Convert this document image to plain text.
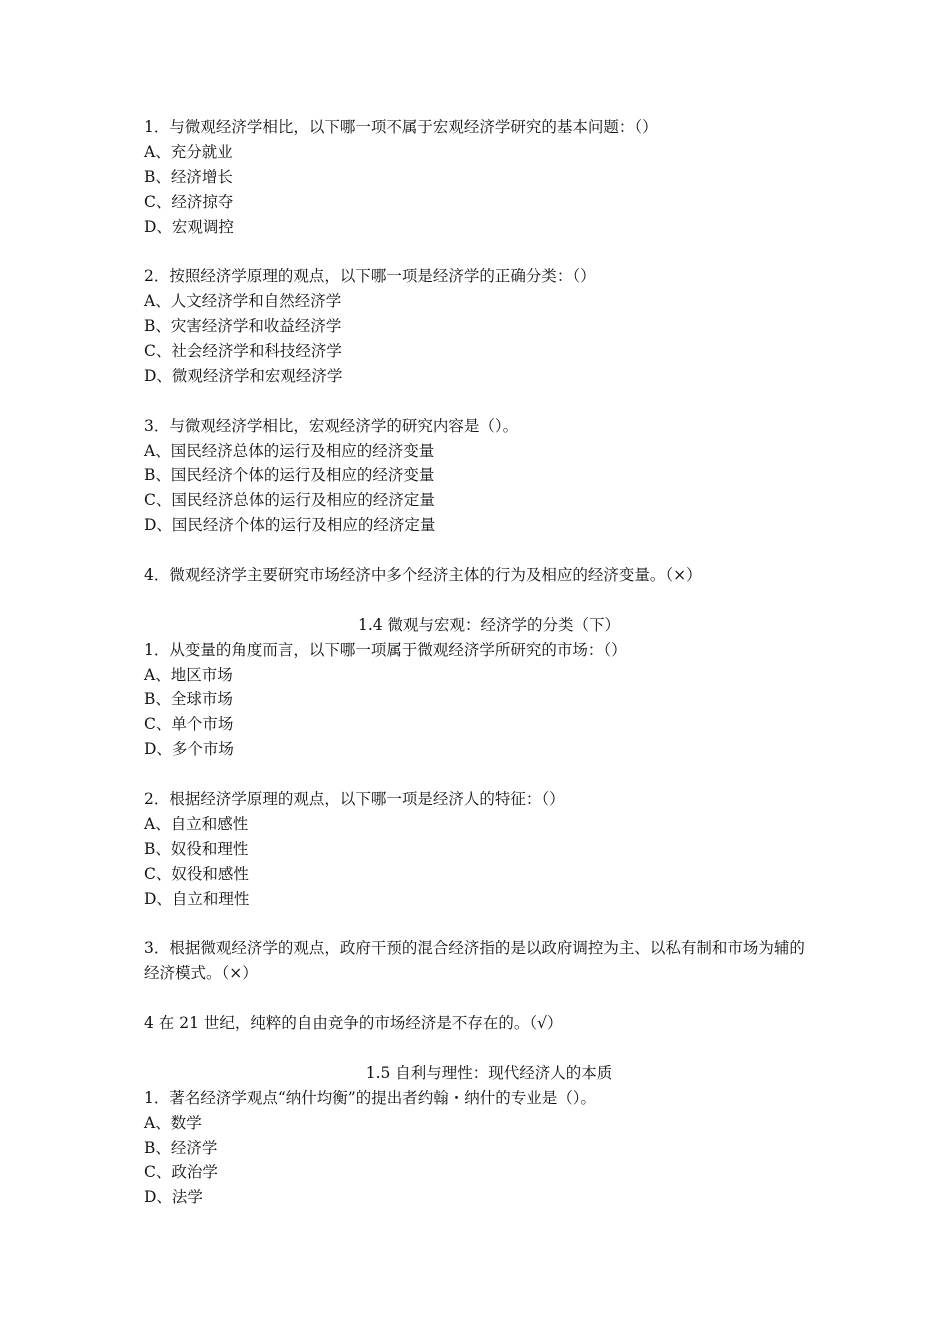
1．与微观经济学相比，以下哪一项不属于宏观经济学研究的基本问题：（）
A、充分就业
B、经济增长
C、经济掠夺
D、宏观调控
2．按照经济学原理的观点，以下哪一项是经济学的正确分类：（）
A、人文经济学和自然经济学
B、灾害经济学和收益经济学
C、社会经济学和科技经济学
D、微观经济学和宏观经济学
3．与微观经济学相比，宏观经济学的研究内容是（）。
A、国民经济总体的运行及相应的经济变量
B、国民经济个体的运行及相应的经济变量
C、国民经济总体的运行及相应的经济定量
D、国民经济个体的运行及相应的经济定量
4．微观经济学主要研究市场经济中多个经济主体的行为及相应的经济变量。（×）
1.4 微观与宏观：经济学的分类（下）
1．从变量的角度而言，以下哪一项属于微观经济学所研究的市场：（）
A、地区市场
B、全球市场
C、单个市场
D、多个市场
2．根据经济学原理的观点，以下哪一项是经济人的特征：（）
A、自立和感性
B、奴役和理性
C、奴役和感性
D、自立和理性
3．根据微观经济学的观点，政府干预的混合经济指的是以政府调控为主、以私有制和市场为辅的经济模式。（×）
4 在 21 世纪，纯粹的自由竞争的市场经济是不存在的。（√）
1.5 自利与理性：现代经济人的本质
1．著名经济学观点“纳什均衡”的提出者约翰・纳什的专业是（）。
A、数学
B、经济学
C、政治学
D、法学
